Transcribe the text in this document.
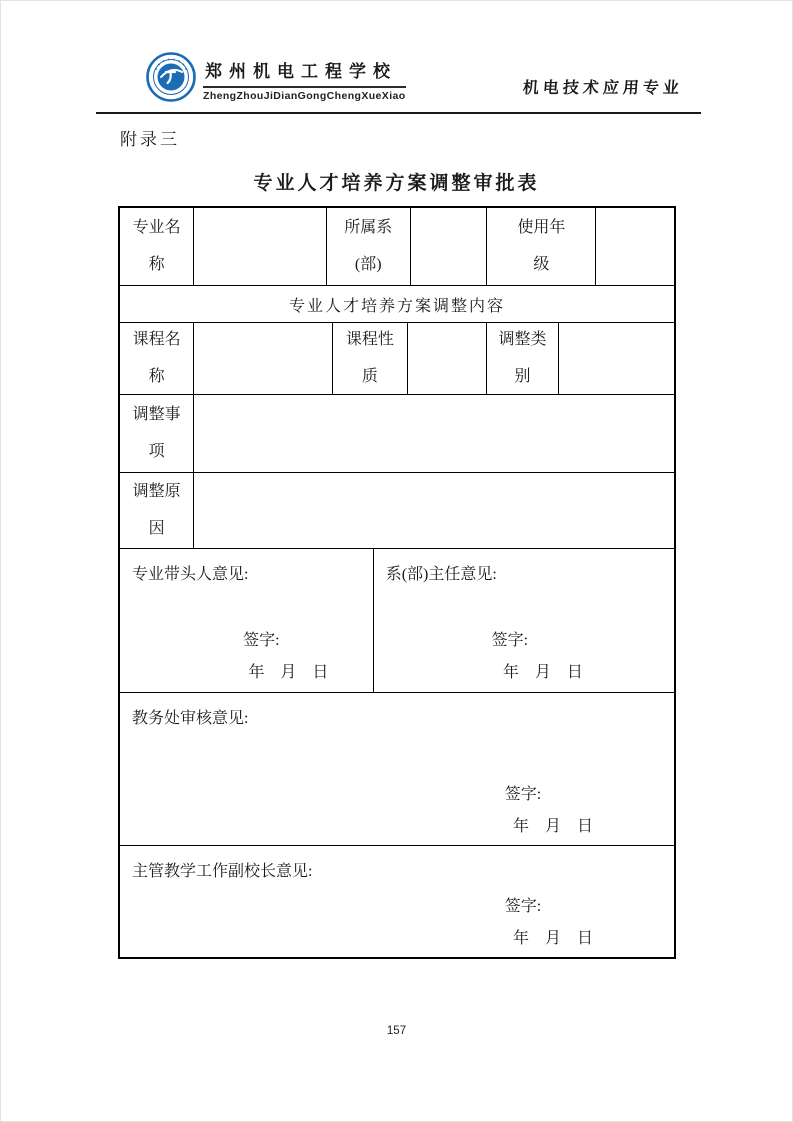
郑州机电工程学校
ZhengZhouJiDianGongChengXueXiao	机电技术应用专业
附录三
专业人才培养方案调整审批表
专业名称
所属系(部)
使用年级
专业人才培养方案调整内容
课程名称
课程性质
调整类别
调整事项
调整原因
专业带头人意见:
签字:
年　月　日
系(部)主任意见:
签字:
年　月　日
教务处审核意见:
签字:
年　月　日
主管教学工作副校长意见:
签字:
年　月　日
157
